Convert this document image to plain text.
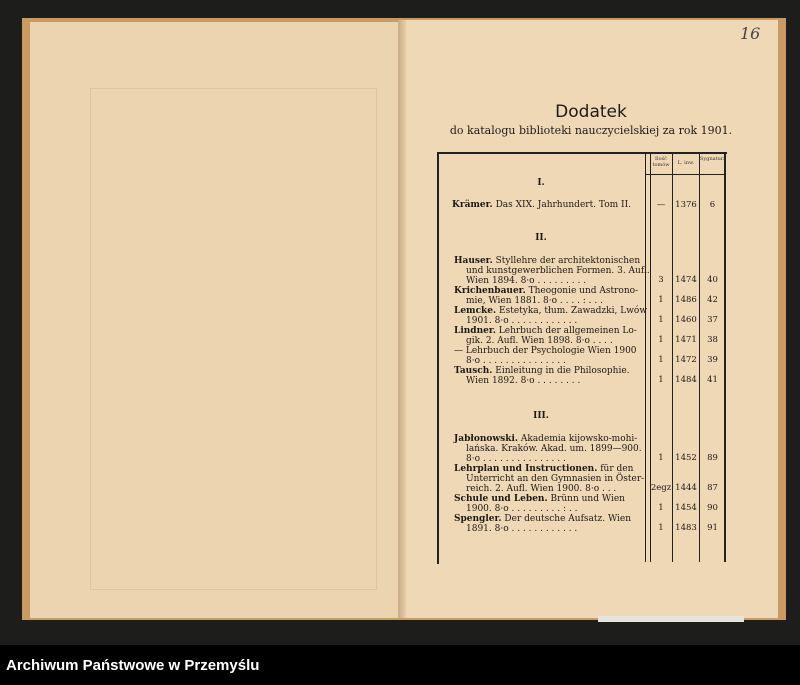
16
Dodatek
do katalogu biblioteki nauczycielskiej za rok 1901.
Ilość tomów	L. inw.
Sygnatura
I.
Krämer. Das XIX. Jahrhundert. Tom II.	—	1376	6
II.
Hauser. Styllehre der architektonischen
und kunstgewerblichen Formen. 3. Aufl.
Wien 1894. 8·o . . . . . . . . .	3	1474	40
Krichenbauer. Theogonie und Astrono-
mie, Wien 1881. 8·o . . . . : . . .	1	1486	42
Lemcke. Estetyka, tłum. Zawadzki, Lwów
1901. 8·o . . . . . . . . . . . .	1	1460	37
Lindner. Lehrbuch der allgemeinen Lo-
gik. 2. Aufl. Wien 1898. 8·o . . . .	1	1471	38
— Lehrbuch der Psychologie Wien 1900
8·o . . . . . . . . . . . . . . .	1	1472	39
Tausch. Einleitung in die Philosophie.
Wien 1892. 8·o . . . . . . . .	1	1484	41
III.
Jabłonowski. Akademia kijowsko-mohi-
lańska. Kraków. Akad. um. 1899—900.
8·o . . . . . . . . . . . . . . .	1	1452	89
Lehrplan und Instructionen. für den
Unterricht an den Gymnasien in Öster-
reich. 2. Aufl. Wien 1900. 8·o . . .	2egz 1444	87
Schule und Leben. Brünn und Wien
1900. 8·o . . . . . . . . . : . .	1	1454	90
Spengler. Der deutsche Aufsatz. Wien
1891. 8·o . . . . . . . . . . . .	1	1483	91
Archiwum Państwowe w Przemyślu
